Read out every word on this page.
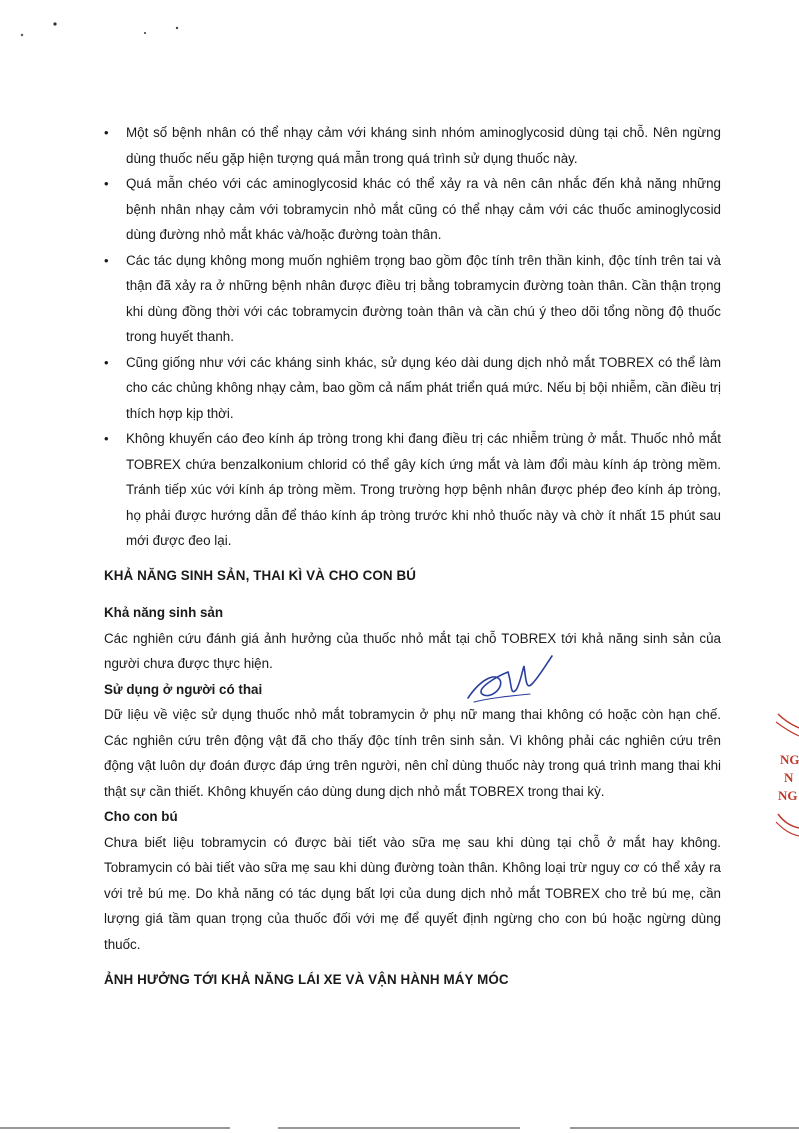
• Một số bệnh nhân có thể nhạy cảm với kháng sinh nhóm aminoglycosid dùng tại chỗ. Nên ngừng dùng thuốc nếu gặp hiện tượng quá mẫn trong quá trình sử dụng thuốc này.
• Quá mẫn chéo với các aminoglycosid khác có thể xảy ra và nên cân nhắc đến khả năng những bệnh nhân nhạy cảm với tobramycin nhỏ mắt cũng có thể nhạy cảm với các thuốc aminoglycosid dùng đường nhỏ mắt khác và/hoặc đường toàn thân.
• Các tác dụng không mong muốn nghiêm trọng bao gồm độc tính trên thần kinh, độc tính trên tai và thận đã xảy ra ở những bệnh nhân được điều trị bằng tobramycin đường toàn thân. Cần thận trọng khi dùng đồng thời với các tobramycin đường toàn thân và cần chú ý theo dõi tổng nồng độ thuốc trong huyết thanh.
• Cũng giống như với các kháng sinh khác, sử dụng kéo dài dung dịch nhỏ mắt TOBREX có thể làm cho các chủng không nhạy cảm, bao gồm cả nấm phát triển quá mức. Nếu bị bội nhiễm, cần điều trị thích hợp kịp thời.
• Không khuyến cáo đeo kính áp tròng trong khi đang điều trị các nhiễm trùng ở mắt. Thuốc nhỏ mắt TOBREX chứa benzalkonium chlorid có thể gây kích ứng mắt và làm đổi màu kính áp tròng mềm. Tránh tiếp xúc với kính áp tròng mềm. Trong trường hợp bệnh nhân được phép đeo kính áp tròng, họ phải được hướng dẫn để tháo kính áp tròng trước khi nhỏ thuốc này và chờ ít nhất 15 phút sau mới được đeo lại.
KHẢ NĂNG SINH SẢN, THAI KÌ VÀ CHO CON BÚ
Khả năng sinh sản

Các nghiên cứu đánh giá ảnh hưởng của thuốc nhỏ mắt tại chỗ TOBREX tới khả năng sinh sản của người chưa được thực hiện.

Sử dụng ở người có thai

Dữ liệu về việc sử dụng thuốc nhỏ mắt tobramycin ở phụ nữ mang thai không có hoặc còn hạn chế. Các nghiên cứu trên động vật đã cho thấy độc tính trên sinh sản. Vì không phải các nghiên cứu trên động vật luôn dự đoán được đáp ứng trên người, nên chỉ dùng thuốc này trong quá trình mang thai khi thật sự cần thiết. Không khuyến cáo dùng dung dịch nhỏ mắt TOBREX trong thai kỳ.

Cho con bú

Chưa biết liệu tobramycin có được bài tiết vào sữa mẹ sau khi dùng tại chỗ ở mắt hay không. Tobramycin có bài tiết vào sữa mẹ sau khi dùng đường toàn thân. Không loại trừ nguy cơ có thể xảy ra với trẻ bú mẹ. Do khả năng có tác dụng bất lợi của dung dịch nhỏ mắt TOBREX cho trẻ bú mẹ, cần lượng giá tầm quan trọng của thuốc đối với mẹ để quyết định ngừng cho con bú hoặc ngừng dùng thuốc.

ẢNH HƯỞNG TỚI KHẢ NĂNG LÁI XE VÀ VẬN HÀNH MÁY MÓC
NG
N
NG
